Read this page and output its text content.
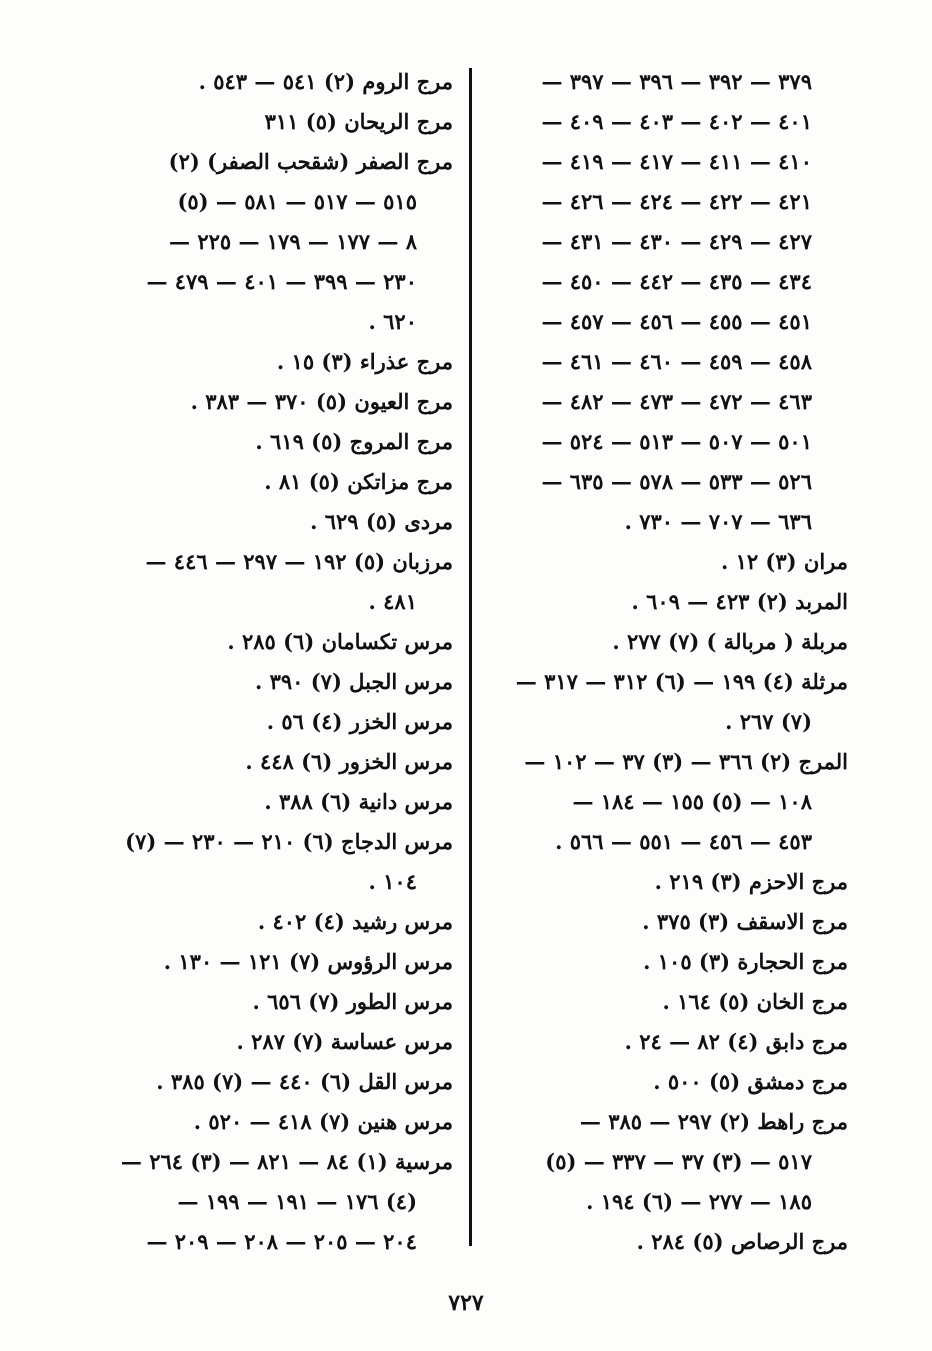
٣٧٩ — ٣٩٢ — ٣٩٦ — ٣٩٧ —
٤٠١ — ٤٠٢ — ٤٠٣ — ٤٠٩ —
٤١٠ — ٤١١ — ٤١٧ — ٤١٩ —
٤٢١ — ٤٢٢ — ٤٢٤ — ٤٢٦ —
٤٢٧ — ٤٢٩ — ٤٣٠ — ٤٣١ —
٤٣٤ — ٤٣٥ — ٤٤٢ — ٤٥٠ —
٤٥١ — ٤٥٥ — ٤٥٦ — ٤٥٧ —
٤٥٨ — ٤٥٩ — ٤٦٠ — ٤٦١ —
٤٦٣ — ٤٧٢ — ٤٧٣ — ٤٨٢ —
٥٠١ — ٥٠٧ — ٥١٣ — ٥٢٤ —
٥٢٦ — ٥٣٣ — ٥٧٨ — ٦٣٥ —
٦٣٦ — ٧٠٧ — ٧٣٠ .
مران (٣) ١٢ .
المربد (٢) ٤٢٣ — ٦٠٩ .
مربلة ( مربالة ) (٧) ٢٧٧ .
مرثلة (٤) ١٩٩ — (٦) ٣١٢ — ٣١٧ —
(٧) ٢٦٧ .
المرج (٢) ٣٦٦ — (٣) ٣٧ — ١٠٢ —
١٠٨ — (٥) ١٥٥ — ١٨٤ —
٤٥٣ — ٤٥٦ — ٥٥١ — ٥٦٦ .
مرج الاحزم (٣) ٢١٩ .
مرج الاسقف (٣) ٣٧٥ .
مرج الحجارة (٣) ١٠٥ .
مرج الخان (٥) ١٦٤ .
مرج دابق (٤) ٨٢ — ٢٤ .
مرج دمشق (٥) ٥٠٠ .
مرج راهط (٢) ٢٩٧ — ٣٨٥ —
٥١٧ — (٣) ٣٧ — ٣٣٧ — (٥)
١٨٥ — ٢٧٧ — (٦) ١٩٤ .
مرج الرصاص (٥) ٢٨٤ .
مرج الروم (٢) ٥٤١ — ٥٤٣ .
مرج الريحان (٥) ٣١١
مرج الصفر (شقحب الصفر) (٢)
٥١٥ — ٥١٧ — ٥٨١ — (٥)
٨ — ١٧٧ — ١٧٩ — ٢٢٥ —
٢٣٠ — ٣٩٩ — ٤٠١ — ٤٧٩ —
٦٢٠ .
مرج عذراء (٣) ١٥ .
مرج العيون (٥) ٣٧٠ — ٣٨٣ .
مرج المروج (٥) ٦١٩ .
مرج مزاتكن (٥) ٨١ .
مردى (٥) ٦٢٩ .
مرزبان (٥) ١٩٢ — ٢٩٧ — ٤٤٦ —
٤٨١ .
مرس تكسامان (٦) ٢٨٥ .
مرس الجبل (٧) ٣٩٠ .
مرس الخزر (٤) ٥٦ .
مرس الخزور (٦) ٤٤٨ .
مرس دانية (٦) ٣٨٨ .
مرس الدجاج (٦) ٢١٠ — ٢٣٠ — (٧)
١٠٤ .
مرس رشيد (٤) ٤٠٢ .
مرس الرؤوس (٧) ١٢١ — ١٣٠ .
مرس الطور (٧) ٦٥٦ .
مرس عساسة (٧) ٢٨٧ .
مرس القل (٦) ٤٤٠ — (٧) ٣٨٥ .
مرس هنين (٧) ٤١٨ — ٥٢٠ .
مرسية (١) ٨٤ — ٨٢١ — (٣) ٢٦٤ —
(٤) ١٧٦ — ١٩١ — ١٩٩ —
٢٠٤ — ٢٠٥ — ٢٠٨ — ٢٠٩ —
٧٢٧
